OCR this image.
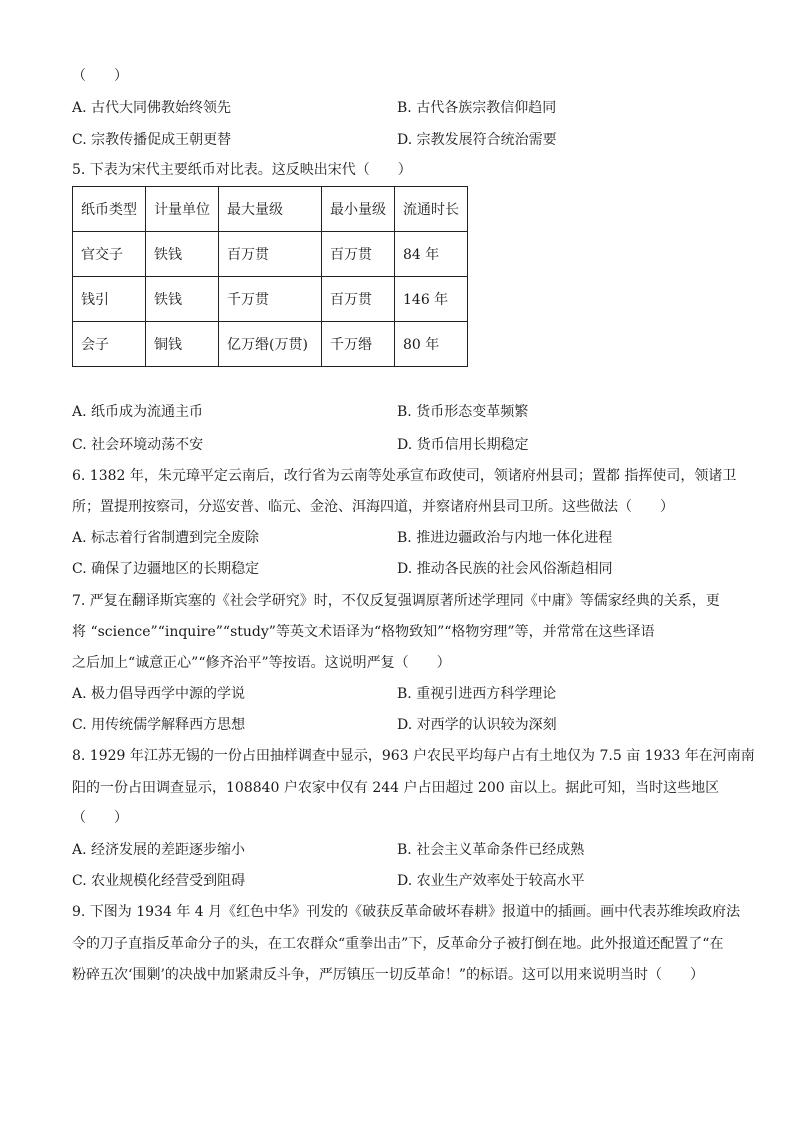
（　　）
A. 古代大同佛教始终领先	B. 古代各族宗教信仰趋同
C. 宗教传播促成王朝更替	D. 宗教发展符合统治需要
5. 下表为宋代主要纸币对比表。这反映出宋代（　　）
纸币类型	计量单位	最大量级	最小量级	流通时长
官交子	铁钱	百万贯	百万贯	84 年
钱引	铁钱	千万贯	百万贯	146 年
会子	铜钱	亿万缗(万贯)	千万缗	80 年
A. 纸币成为流通主币	B. 货币形态变革频繁
C. 社会环境动荡不安	D. 货币信用长期稳定
6. 1382 年，朱元璋平定云南后，改行省为云南等处承宣布政使司，领诸府州县司；置都 指挥使司，领诸卫
所；置提刑按察司，分巡安普、临元、金沧、洱海四道，并察诸府州县司卫所。这些做法（　　）
A. 标志着行省制遭到完全废除	B. 推进边疆政治与内地一体化进程
C. 确保了边疆地区的长期稳定	D. 推动各民族的社会风俗渐趋相同
7. 严复在翻译斯宾塞的《社会学研究》时，不仅反复强调原著所述学理同《中庸》等儒家经典的关系，更
将 “science”“inquire”“study”等英文术语译为“格物致知”“格物穷理”等，并常常在这些译语
之后加上“诚意正心”“修齐治平”等按语。这说明严复（　　）
A. 极力倡导西学中源的学说	B. 重视引进西方科学理论
C. 用传统儒学解释西方思想	D. 对西学的认识较为深刻
8. 1929 年江苏无锡的一份占田抽样调查中显示，963 户农民平均每户占有土地仅为 7.5 亩 1933 年在河南南
阳的一份占田调查显示，108840 户农家中仅有 244 户占田超过 200 亩以上。据此可知，当时这些地区
（　　）
A. 经济发展的差距逐步缩小	B. 社会主义革命条件已经成熟
C. 农业规模化经营受到阻碍	D. 农业生产效率处于较高水平
9. 下图为 1934 年 4 月《红色中华》刊发的《破获反革命破坏春耕》报道中的插画。画中代表苏维埃政府法
令的刀子直指反革命分子的头，在工农群众“重拳出击”下，反革命分子被打倒在地。此外报道还配置了“在
粉碎五次‘围剿’的决战中加紧肃反斗争，严厉镇压一切反革命！”的标语。这可以用来说明当时（　　）
